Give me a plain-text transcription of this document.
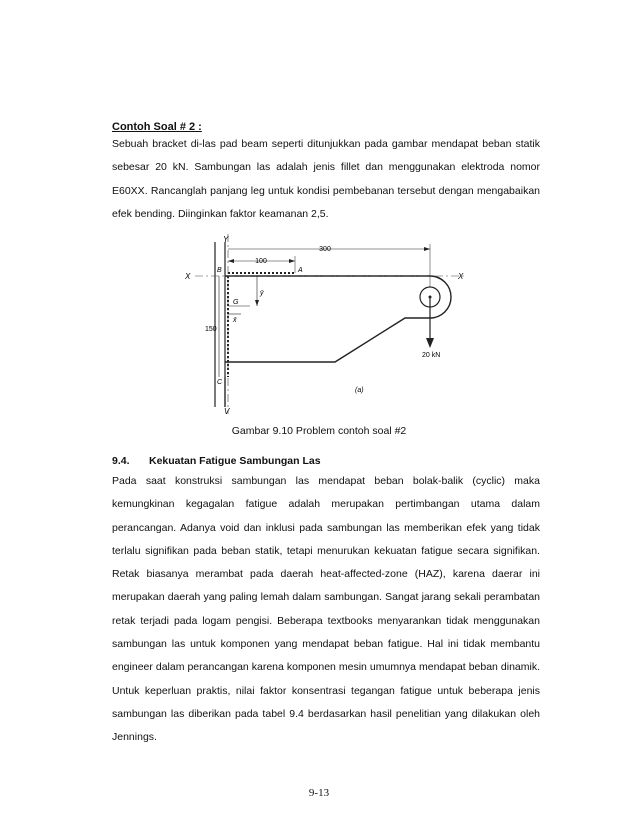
Contoh Soal # 2 :
Sebuah bracket di-las pad beam seperti ditunjukkan pada gambar mendapat beban statik sebesar 20 kN. Sambungan las adalah jenis fillet dan menggunakan elektroda nomor E60XX. Rancanglah panjang leg untuk kondisi pembebanan tersebut dengan mengabaikan efek bending. Diinginkan faktor keamanan 2,5.
Y
V
X	X
B	A
C
G
ȳ
x̄
300
100
150
20 kN
(a)
Gambar 9.10 Problem contoh soal #2
9.4. Kekuatan Fatigue Sambungan Las
Pada saat konstruksi sambungan las mendapat beban bolak-balik (cyclic) maka kemungkinan kegagalan fatigue adalah merupakan pertimbangan utama dalam perancangan. Adanya void dan inklusi pada sambungan las memberikan efek yang tidak terlalu signifikan pada beban statik, tetapi menurukan kekuatan fatigue secara signifikan. Retak biasanya merambat pada daerah heat-affected-zone (HAZ), karena daerar ini merupakan daerah yang paling lemah dalam sambungan. Sangat jarang sekali perambatan retak terjadi pada logam pengisi. Beberapa textbooks menyarankan tidak menggunakan sambungan las untuk komponen yang mendapat beban fatigue. Hal ini tidak membantu engineer dalam perancangan karena komponen mesin umumnya mendapat beban dinamik. Untuk keperluan praktis, nilai faktor konsentrasi tegangan fatigue untuk beberapa jenis sambungan las diberikan pada tabel 9.4 berdasarkan hasil penelitian yang dilakukan oleh Jennings.
9-13
